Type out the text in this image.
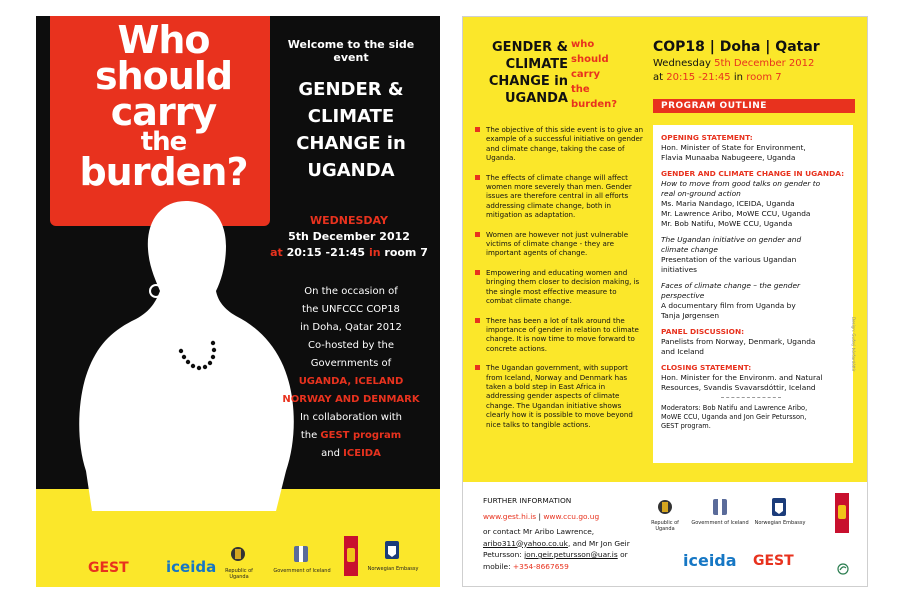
Who
should
carry
the
burden?
Welcome to the side event
GENDER &
CLIMATE
CHANGE in
UGANDA
WEDNESDAY
5th December 2012
at 20:15 -21:45 in room 7
On the occasion of
the UNFCCC COP18
in Doha, Qatar 2012
Co-hosted by the
Governments of
UGANDA, ICELAND
NORWAY AND DENMARK
In collaboration with
the GEST program
and ICEIDA
GEST iceida	Republic of Uganda
Government of Iceland	Norwegian Embassy
GENDER &
CLIMATE
CHANGE in
UGANDA
who
should
carry
the
burden?
COP18 | Doha | Qatar
Wednesday 5th December 2012
at 20:15 -21:45 in room 7
PROGRAM OUTLINE
The objective of this side event is to give an example of a successful initiative on gender and climate change, taking the case of Uganda.
The effects of climate change will affect women more severely than men. Gender issues are therefore central in all efforts addressing climate change, both in mitigation as adaptation.
Women are however not just vulnerable victims of climate change - they are important agents of change.
Empowering and educating women and bringing them closer to decision making, is the single most effective measure to combat climate change.
There has been a lot of talk around the importance of gender in relation to climate change. It is now time to move forward to concrete actions.
The Ugandan government, with support from Iceland, Norway and Denmark has taken a bold step in East Africa in addressing gender aspects of climate change. The Ugandan initiative shows clearly how it is possible to move beyond nice talks to tangible actions.
OPENING STATEMENT:
Hon. Minister of State for Environment,
Flavia Munaaba Nabugeere, Uganda
GENDER AND CLIMATE CHANGE IN UGANDA:
How to move from good talks on gender to
real on-ground action
Ms. Maria Nandago, ICEIDA, Uganda
Mr. Lawrence Aribo, MoWE CCU, Uganda
Mr. Bob Natifu, MoWE CCU, Uganda
The Ugandan initiative on gender and
climate change
Presentation of the various Ugandan
initiatives
Faces of climate change – the gender
perspective
A documentary film from Uganda by
Tanja Jørgensen
PANEL DISCUSSION:
Panelists from Norway, Denmark, Uganda
and Iceland
CLOSING STATEMENT:
Hon. Minister for the Environm. and Natural
Resources, Svandis Svavarsdóttir, Iceland
Moderators: Bob Natifu and Lawrence Aribo,
MoWE CCU, Uganda and Jon Geir Petursson,
GEST program.
Design: Guðný Þórðardóttir
FURTHER INFORMATION
www.gest.hi.is | www.ccu.go.ug
or contact Mr Aribo Lawrence,
aribo311@yahoo.co.uk, and Mr Jon Geir
Petursson: jon.geir.petursson@uar.is or
mobile: +354-8667659
Republic of Uganda
Government of Iceland	Norwegian Embassy
iceida GEST
